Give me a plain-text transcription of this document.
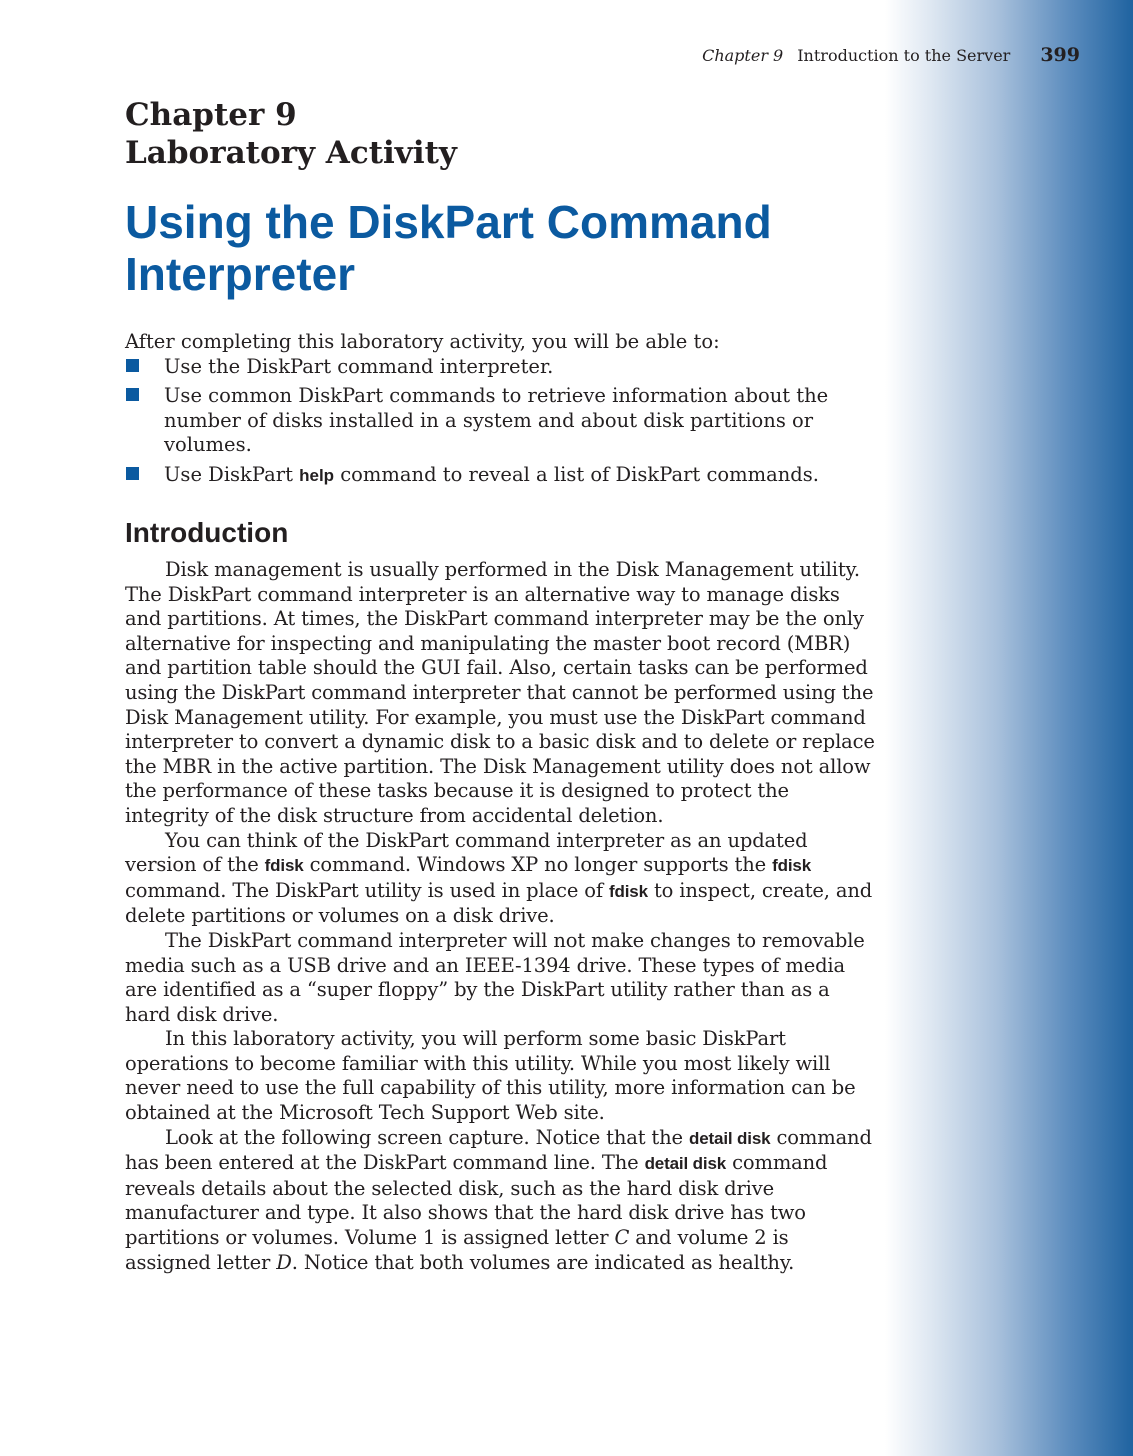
Chapter 9 Introduction to the Server 399
Chapter 9
Laboratory Activity
Using the DiskPart Command Interpreter

After completing this laboratory activity, you will be able to:

Use the DiskPart command interpreter.
Use common DiskPart commands to retrieve information about the number of disks installed in a system and about disk partitions or volumes.
Use DiskPart help command to reveal a list of DiskPart commands.
Introduction

Disk management is usually performed in the Disk Management utility. The DiskPart command interpreter is an alternative way to manage disks and partitions. At times, the DiskPart command interpreter may be the only alternative for inspecting and manipulating the master boot record (MBR) and partition table should the GUI fail. Also, certain tasks can be performed using the DiskPart command interpreter that cannot be performed using the Disk Management utility. For example, you must use the DiskPart command interpreter to convert a dynamic disk to a basic disk and to delete or replace the MBR in the active partition. The Disk Management utility does not allow the performance of these tasks because it is designed to protect the integrity of the disk structure from accidental deletion.

You can think of the DiskPart command interpreter as an updated version of the fdisk command. Windows XP no longer supports the fdisk command. The DiskPart utility is used in place of fdisk to inspect, create, and delete partitions or volumes on a disk drive.

The DiskPart command interpreter will not make changes to removable media such as a USB drive and an IEEE-1394 drive. These types of media are identified as a “super floppy” by the DiskPart utility rather than as a hard disk drive.

In this laboratory activity, you will perform some basic DiskPart operations to become familiar with this utility. While you most likely will never need to use the full capability of this utility, more information can be obtained at the Microsoft Tech Support Web site.

Look at the following screen capture. Notice that the detail disk command has been entered at the DiskPart command line. The detail disk command reveals details about the selected disk, such as the hard disk drive manufacturer and type. It also shows that the hard disk drive has two partitions or volumes. Volume 1 is assigned letter C and volume 2 is assigned letter D. Notice that both volumes are indicated as healthy.
